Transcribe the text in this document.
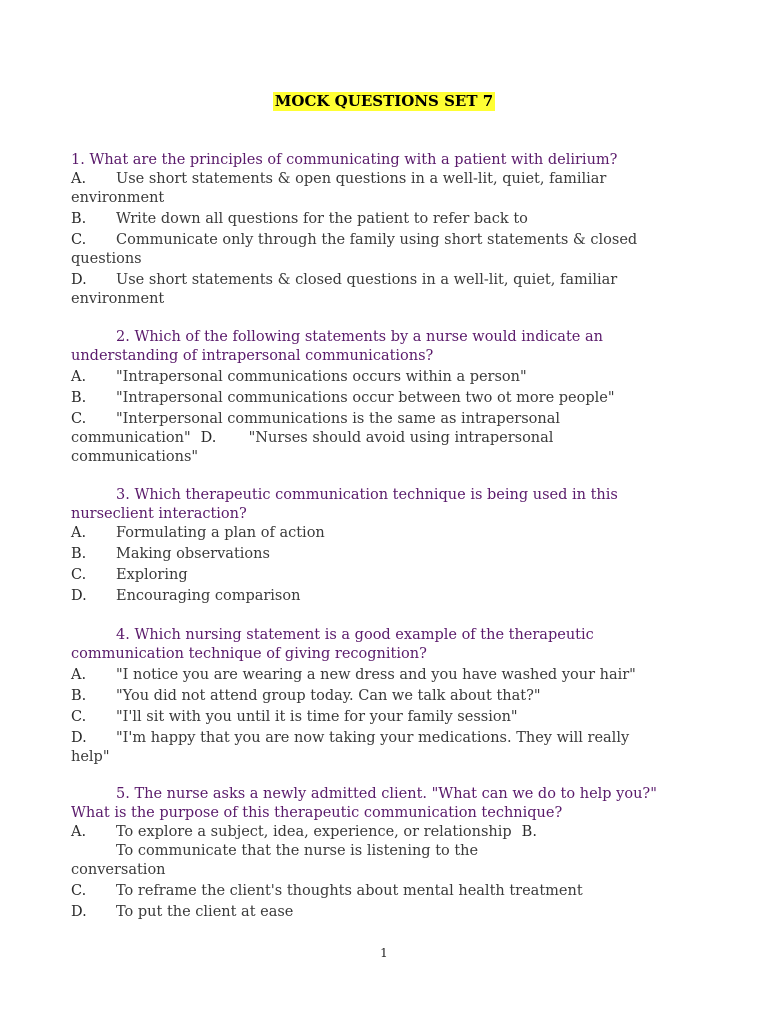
MOCK QUESTIONS SET 7
1. What are the principles of communicating with a patient with delirium?
A. Use short statements & open questions in a well-lit, quiet, familiar
environment
B. Write down all questions for the patient to refer back to
C. Communicate only through the family using short statements & closed
questions
D. Use short statements & closed questions in a well-lit, quiet, familiar
environment
2. Which of the following statements by a nurse would indicate an
understanding of intrapersonal communications?
A. "Intrapersonal communications occurs within a person"
B. "Intrapersonal communications occur between two ot more people"
C. "Interpersonal communications is the same as intrapersonal
communication" D. "Nurses should avoid using intrapersonal
communications"
3. Which therapeutic communication technique is being used in this
nurseclient interaction?
A. Formulating a plan of action
B. Making observations
C. Exploring
D. Encouraging comparison
4. Which nursing statement is a good example of the therapeutic
communication technique of giving recognition?
A. "I notice you are wearing a new dress and you have washed your hair"
B. "You did not attend group today. Can we talk about that?"
C. "I'll sit with you until it is time for your family session"
D. "I'm happy that you are now taking your medications. They will really
help"
5. The nurse asks a newly admitted client. "What can we do to help you?"
What is the purpose of this therapeutic communication technique?
A. To explore a subject, idea, experience, or relationship B.
To communicate that the nurse is listening to the
conversation
C. To reframe the client's thoughts about mental health treatment
D. To put the client at ease
1
